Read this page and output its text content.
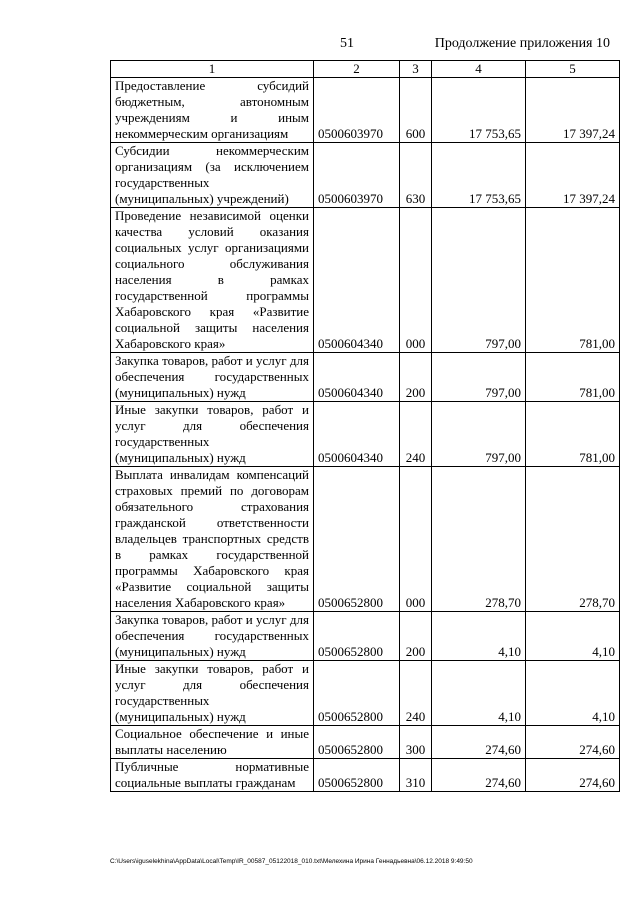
51	Продолжение приложения 10
1	2	3	4	5
Предоставление субсидий бюджетным, автономным учреждениям и иным некоммерческим организациям	0500603970	600	17 753,65	17 397,24
Субсидии некоммерческим организациям (за исключением государственных (муниципальных) учреждений)	0500603970	630	17 753,65	17 397,24
Проведение независимой оценки качества условий оказания социальных услуг организациями социального обслуживания населения в рамках государственной программы Хабаровского края «Развитие социальной защиты населения Хабаровского края»	0500604340	000	797,00	781,00
Закупка товаров, работ и услуг для обеспечения государственных (муниципальных) нужд	0500604340	200	797,00	781,00
Иные закупки товаров, работ и услуг для обеспечения государственных (муниципальных) нужд	0500604340	240	797,00	781,00
Выплата инвалидам компенсаций страховых премий по договорам обязательного страхования гражданской ответственности владельцев транспортных средств в рамках государственной программы Хабаровского края «Развитие социальной защиты населения Хабаровского края»	0500652800	000	278,70	278,70
Закупка товаров, работ и услуг для обеспечения государственных (муниципальных) нужд	0500652800	200	4,10	4,10
Иные закупки товаров, работ и услуг для обеспечения государственных (муниципальных) нужд	0500652800	240	4,10	4,10
Социальное обеспечение и иные выплаты населению	0500652800	300	274,60	274,60
Публичные нормативные социальные выплаты гражданам	0500652800	310	274,60	274,60
C:\Users\iguselekhina\AppData\Local\Temp\IR_00587_05122018_010.txt\Мелехина Ирина Геннадьевна\06.12.2018 9:49:50
